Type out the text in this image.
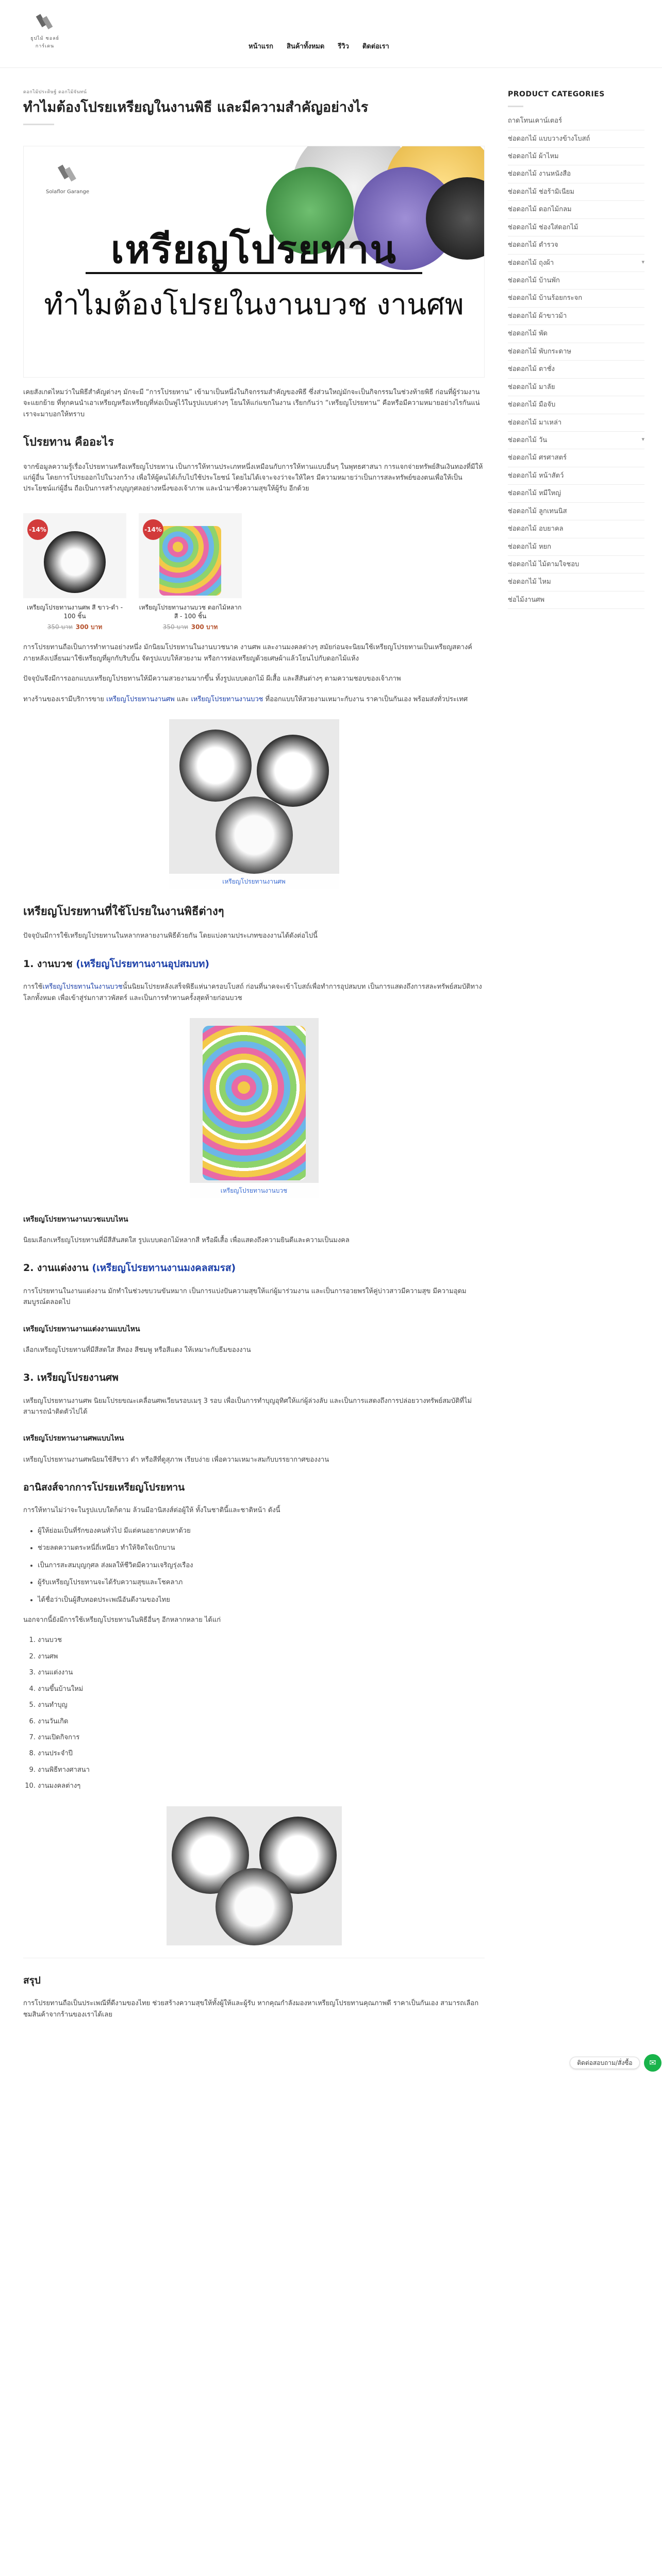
ธูปไม้ ซอลย์การ์เดน	หน้าแรก สินค้าทั้งหมด รีวิว ติดต่อเรา
ดอกไม้ประดิษฐ์ ดอกไม้จันทน์
ทำไมต้องโปรยเหรียญในงานพิธี และมีความสำคัญอย่างไร
Solaflor Garange
เหรียญโปรยทาน
ทำไมต้องโปรยในงานบวช งานศพ

เคยสังเกตไหมว่าในพิธีสำคัญต่างๆ มักจะมี “การโปรยทาน” เข้ามาเป็นหนึ่งในกิจกรรมสำคัญของพิธี ซึ่งส่วนใหญ่มักจะเป็นกิจกรรมในช่วงท้ายพิธี ก่อนที่ผู้ร่วมงานจะแยกย้าย ที่ทุกคนนำเอาเหรียญหรือเหรียญที่ห่อเป็นพู่ไว้ในรูปแบบต่างๆ โยนให้แก่แขกในงาน เรียกกันว่า “เหรียญโปรยทาน” คือหรือมีความหมายอย่างไรกันแน่ เราจะมาบอกให้ทราบ

โปรยทาน คืออะไร

จากข้อมูลความรู้เรื่องโปรยทานหรือเหรียญโปรยทาน เป็นการให้ทานประเภทหนึ่งเหมือนกับการให้ทานแบบอื่นๆ ในพุทธศาสนา การแจกจ่ายทรัพย์สินเงินทองที่มีให้แก่ผู้อื่น โดยการโปรยออกไปในวงกว้าง เพื่อให้ผู้คนได้เก็บไปใช้ประโยชน์ โดยไม่ได้เจาะจงว่าจะให้ใคร มีความหมายว่าเป็นการสละทรัพย์ของตนเพื่อให้เป็นประโยชน์แก่ผู้อื่น ถือเป็นการสร้างบุญกุศลอย่างหนึ่งของเจ้าภาพ และนำมาซึ่งความสุขให้ผู้รับ อีกด้วย

-14%
เหรียญโปรยทานงานศพ สี ขาว-ดำ - 100 ชิ้น
350 บาท 300 บาท
-14%
เหรียญโปรยทานงานบวช ดอกไม้หลากสี - 100 ชิ้น
350 บาท 300 บาท

การโปรยทานถือเป็นการทำทานอย่างหนึ่ง มักนิยมโปรยทานในงานบวชนาค งานศพ และงานมงคลต่างๆ สมัยก่อนจะนิยมใช้เหรียญโปรยทานเป็นเหรียญสตางค์ ภายหลังเปลี่ยนมาใช้เหรียญที่ผูกกับริบบิ้น จัดรูปแบบให้สวยงาม หรือการห่อเหรียญด้วยเศษผ้าแล้วโยนไปกับดอกไม้แห้ง

ปัจจุบันจึงมีการออกแบบเหรียญโปรยทานให้มีความสวยงามมากขึ้น ทั้งรูปแบบดอกไม้ ผีเสื้อ และสีสันต่างๆ ตามความชอบของเจ้าภาพ

ทางร้านของเรามีบริการขาย เหรียญโปรยทานงานศพ และ เหรียญโปรยทานงานบวช ที่ออกแบบให้สวยงามเหมาะกับงาน ราคาเป็นกันเอง พร้อมส่งทั่วประเทศ

เหรียญโปรยทานงานศพ
เหรียญโปรยทานที่ใช้โปรยในงานพิธีต่างๆ

ปัจจุบันมีการใช้เหรียญโปรยทานในหลากหลายงานพิธีด้วยกัน โดยแบ่งตามประเภทของงานได้ดังต่อไปนี้

1. งานบวช (เหรียญโปรยทานงานอุปสมบท)

การใช้เหรียญโปรยทานในงานบวชนั้นนิยมโปรยหลังเสร็จพิธีแห่นาครอบโบสถ์ ก่อนที่นาคจะเข้าโบสถ์เพื่อทำการอุปสมบท เป็นการแสดงถึงการสละทรัพย์สมบัติทางโลกทั้งหมด เพื่อเข้าสู่ร่มกาสาวพัสตร์ และเป็นการทำทานครั้งสุดท้ายก่อนบวช

เหรียญโปรยทานงานบวช
เหรียญโปรยทานงานบวชแบบไหน

นิยมเลือกเหรียญโปรยทานที่มีสีสันสดใส รูปแบบดอกไม้หลากสี หรือผีเสื้อ เพื่อแสดงถึงความยินดีและความเป็นมงคล

2. งานแต่งงาน (เหรียญโปรยทานงานมงคลสมรส)

การโปรยทานในงานแต่งงาน มักทำในช่วงขบวนขันหมาก เป็นการแบ่งปันความสุขให้แก่ผู้มาร่วมงาน และเป็นการอวยพรให้คู่บ่าวสาวมีความสุข มีความอุดมสมบูรณ์ตลอดไป

เหรียญโปรยทานงานแต่งงานแบบไหน

เลือกเหรียญโปรยทานที่มีสีสดใส สีทอง สีชมพู หรือสีแดง ให้เหมาะกับธีมของงาน

3. เหรียญโปรยงานศพ

เหรียญโปรยทานงานศพ นิยมโปรยขณะเคลื่อนศพเวียนรอบเมรุ 3 รอบ เพื่อเป็นการทำบุญอุทิศให้แก่ผู้ล่วงลับ และเป็นการแสดงถึงการปล่อยวางทรัพย์สมบัติที่ไม่สามารถนำติดตัวไปได้

เหรียญโปรยทานงานศพแบบไหน

เหรียญโปรยทานงานศพนิยมใช้สีขาว ดำ หรือสีที่ดูสุภาพ เรียบง่าย เพื่อความเหมาะสมกับบรรยากาศของงาน

อานิสงส์จากการโปรยเหรียญโปรยทาน

การให้ทานไม่ว่าจะในรูปแบบใดก็ตาม ล้วนมีอานิสงส์ต่อผู้ให้ ทั้งในชาตินี้และชาติหน้า ดังนี้

• ผู้ให้ย่อมเป็นที่รักของคนทั่วไป มีแต่คนอยากคบหาด้วย
• ช่วยลดความตระหนี่ถี่เหนียว ทำให้จิตใจเบิกบาน
• เป็นการสะสมบุญกุศล ส่งผลให้ชีวิตมีความเจริญรุ่งเรือง
• ผู้รับเหรียญโปรยทานจะได้รับความสุขและโชคลาภ
• ได้ชื่อว่าเป็นผู้สืบทอดประเพณีอันดีงามของไทย

นอกจากนี้ยังมีการใช้เหรียญโปรยทานในพิธีอื่นๆ อีกหลากหลาย ได้แก่

1. งานบวช
2. งานศพ
3. งานแต่งงาน
4. งานขึ้นบ้านใหม่
5. งานทำบุญ
6. งานวันเกิด
7. งานเปิดกิจการ
8. งานประจำปี
9. งานพิธีทางศาสนา
10. งานมงคลต่างๆ
สรุป

การโปรยทานถือเป็นประเพณีที่ดีงามของไทย ช่วยสร้างความสุขให้ทั้งผู้ให้และผู้รับ หากคุณกำลังมองหาเหรียญโปรยทานคุณภาพดี ราคาเป็นกันเอง สามารถเลือกชมสินค้าจากร้านของเราได้เลย

PRODUCT CATEGORIES
ถาดโทนเคาน์เตอร์
ช่อดอกไม้ แบบวางข้างโบสถ์
ช่อดอกไม้ ผ้าไหม
ช่อดอกไม้ งานหนังสือ
ช่อดอกไม้ ช่อร้ามิเนียม
ช่อดอกไม้ ดอกไม้กลม
ช่อดอกไม้ ช่องใส่ดอกไม้
ช่อดอกไม้ ตำรวจ
ช่อดอกไม้ ถุงผ้า	▾
ช่อดอกไม้ บ้านพัก
ช่อดอกไม้ บ้านร้อยกระจก
ช่อดอกไม้ ผ้าขาวม้า
ช่อดอกไม้ พัด
ช่อดอกไม้ พับกระดาษ
ช่อดอกไม้ ตาชั่ง
ช่อดอกไม้ มาลัย
ช่อดอกไม้ มือจับ
ช่อดอกไม้ มาเหล่า
ช่อดอกไม้ วัน	▾
ช่อดอกไม้ ศรศาสตร์
ช่อดอกไม้ หน้าสัตว์
ช่อดอกไม้ หมีใหญ่
ช่อดอกไม้ ลูกเทนนิส
ช่อดอกไม้ อบยาคล
ช่อดอกไม้ หยก
ช่อดอกไม้ ไม้ตามใจชอบ
ช่อดอกไม้ ไหม
ช่อไม้งานศพ
ติดต่อสอบถาม/สั่งซื้อ	✉
